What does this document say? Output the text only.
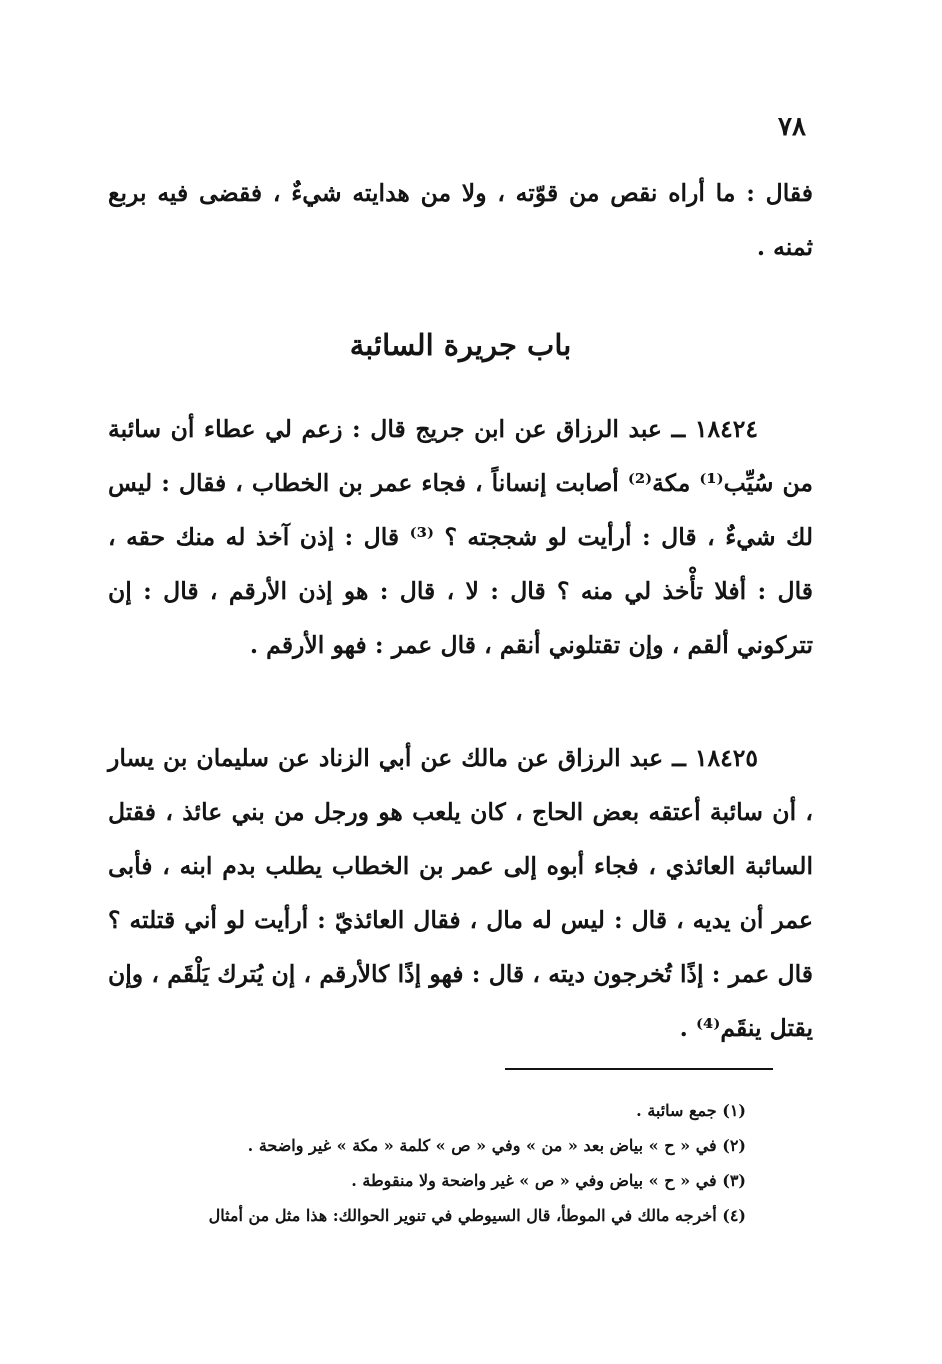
٧٨
فقال : ما أراه نقص من قوّته ، ولا من هدايته شيءٌ ، فقضى فيه بربع ثمنه .
باب جريرة السائبة
١٨٤٢٤ ــ عبد الرزاق عن ابن جريج قال : زعم لي عطاء أن سائبة من سُيِّب⁽¹⁾ مكة⁽²⁾ أصابت إنساناً ، فجاء عمر بن الخطاب ، فقال : ليس لك شيءٌ ، قال : أرأيت لو شججته ؟ ⁽³⁾ قال : إذن آخذ له منك حقه ، قال : أفلا تأْخذ لي منه ؟ قال : لا ، قال : هو إذن الأرقم ، قال : إن تتركوني ألقم ، وإن تقتلوني أنقم ، قال عمر : فهو الأرقم .
١٨٤٢٥ ــ عبد الرزاق عن مالك عن أبي الزناد عن سليمان بن يسار ، أن سائبة أعتقه بعض الحاج ، كان يلعب هو ورجل من بني عائذ ، فقتل السائبة العائذي ، فجاء أبوه إلى عمر بن الخطاب يطلب بدم ابنه ، فأبى عمر أن يديه ، قال : ليس له مال ، فقال العائذيّ : أرأيت لو أني قتلته ؟ قال عمر : إذًا تُخرجون ديته ، قال : فهو إذًا كالأرقم ، إن يُترك يَلْقَم ، وإن يقتل ينقَم⁽⁴⁾ .
(١) جمع سائبة .
(٢) في « ح » بياض بعد « من » وفي « ص » كلمة « مكة » غير واضحة .
(٣) في « ح » بياض وفي « ص » غير واضحة ولا منقوطة .
(٤) أخرجه مالك في الموطأ، قال السيوطي في تنوير الحوالك: هذا مثل من أمثال
